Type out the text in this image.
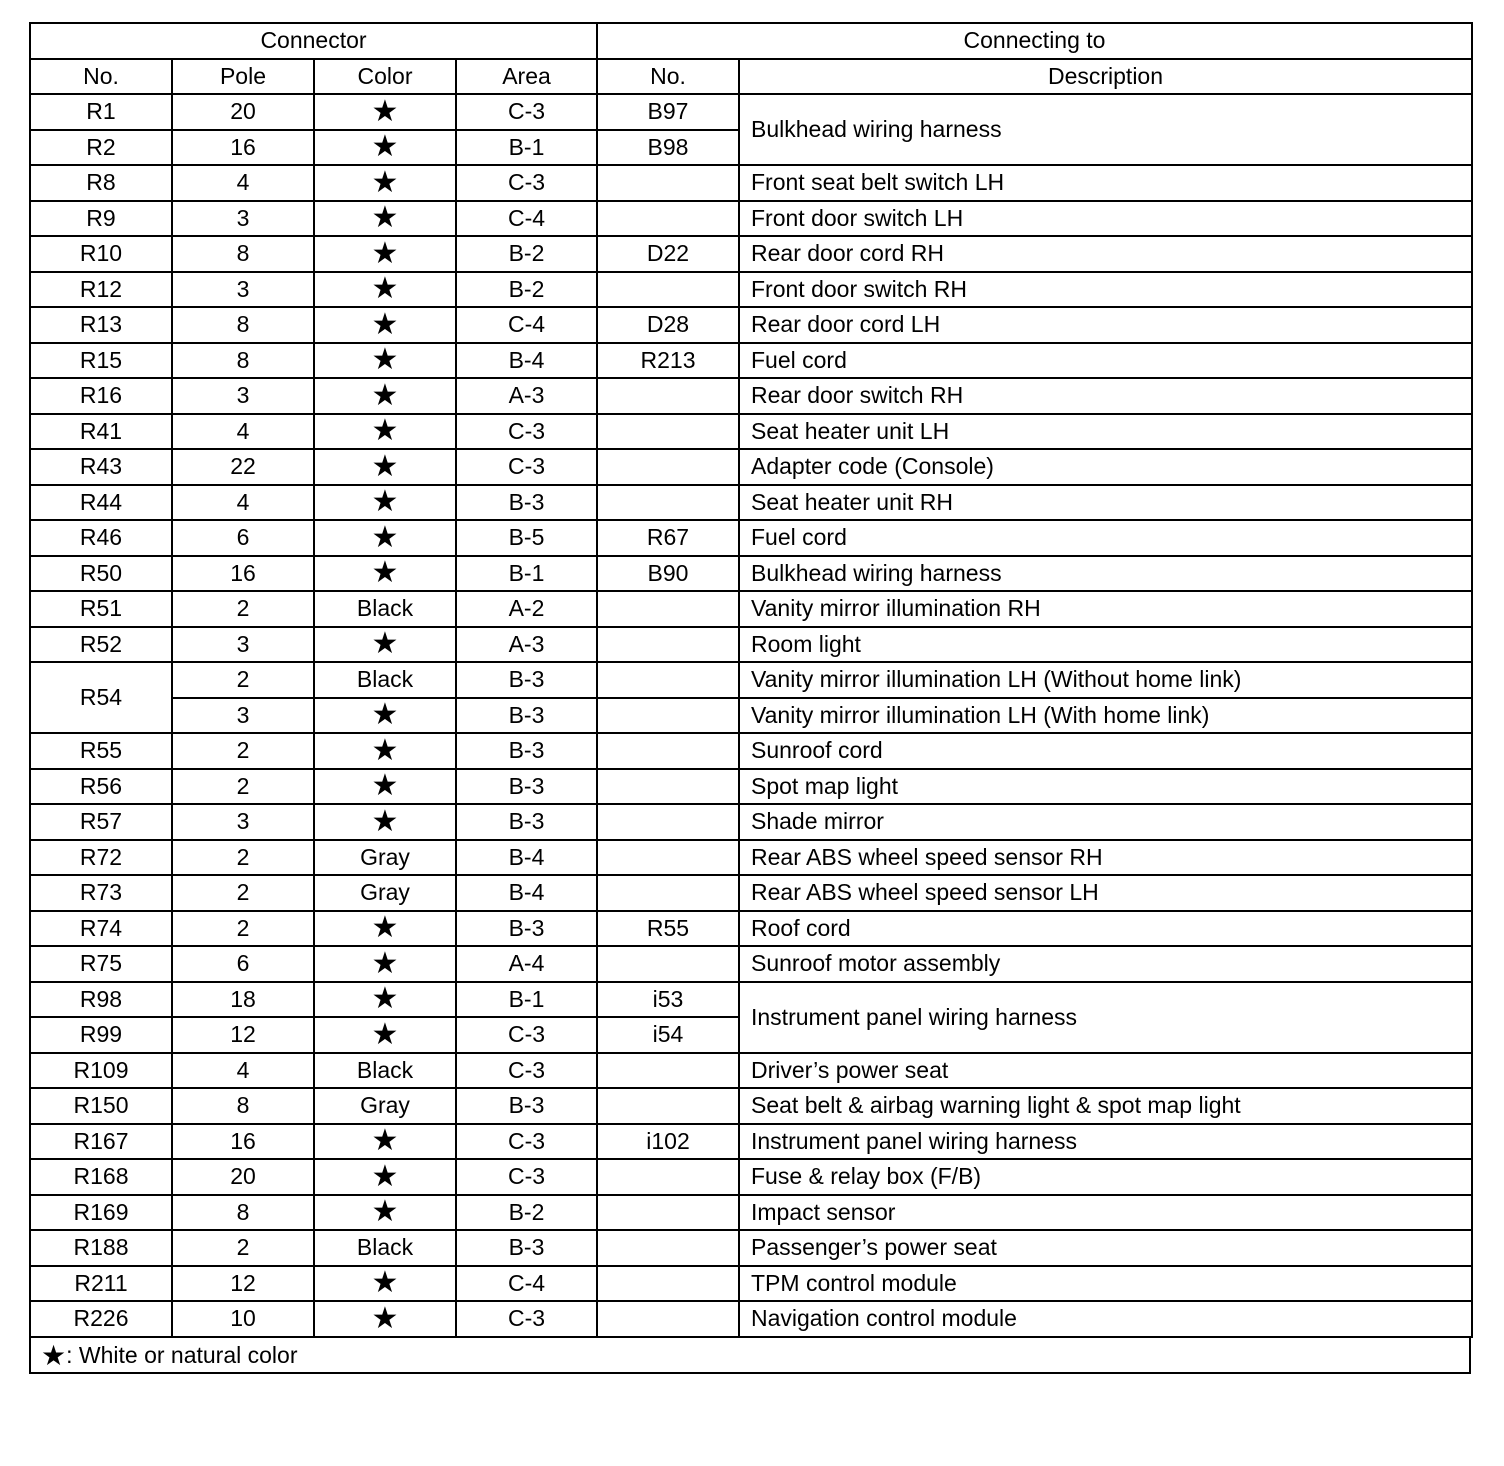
Connector				Connecting to	
No.	Pole	Color	Area	No.	Description
R1	20	★	C-3	B97	Bulkhead wiring harness
R2	16	★	B-1	B98	
R8	4	★	C-3		Front seat belt switch LH
R9	3	★	C-4		Front door switch LH
R10	8	★	B-2	D22	Rear door cord RH
R12	3	★	B-2		Front door switch RH
R13	8	★	C-4	D28	Rear door cord LH
R15	8	★	B-4	R213	Fuel cord
R16	3	★	A-3		Rear door switch RH
R41	4	★	C-3		Seat heater unit LH
R43	22	★	C-3		Adapter code (Console)
R44	4	★	B-3		Seat heater unit RH
R46	6	★	B-5	R67	Fuel cord
R50	16	★	B-1	B90	Bulkhead wiring harness
R51	2	Black	A-2		Vanity mirror illumination RH
R52	3	★	A-3		Room light
R54	2	Black	B-3		Vanity mirror illumination LH (Without home link)
	3	★	B-3		Vanity mirror illumination LH (With home link)
R55	2	★	B-3		Sunroof cord
R56	2	★	B-3		Spot map light
R57	3	★	B-3		Shade mirror
R72	2	Gray	B-4		Rear ABS wheel speed sensor RH
R73	2	Gray	B-4		Rear ABS wheel speed sensor LH
R74	2	★	B-3	R55	Roof cord
R75	6	★	A-4		Sunroof motor assembly
R98	18	★	B-1	i53	Instrument panel wiring harness
R99	12	★	C-3	i54	
R109	4	Black	C-3		Driver’s power seat
R150	8	Gray	B-3		Seat belt & airbag warning light & spot map light
R167	16	★	C-3	i102	Instrument panel wiring harness
R168	20	★	C-3		Fuse & relay box (F/B)
R169	8	★	B-2		Impact sensor
R188	2	Black	B-3		Passenger’s power seat
R211	12	★	C-4		TPM control module
R226	10	★	C-3		Navigation control module
★: White or natural color
